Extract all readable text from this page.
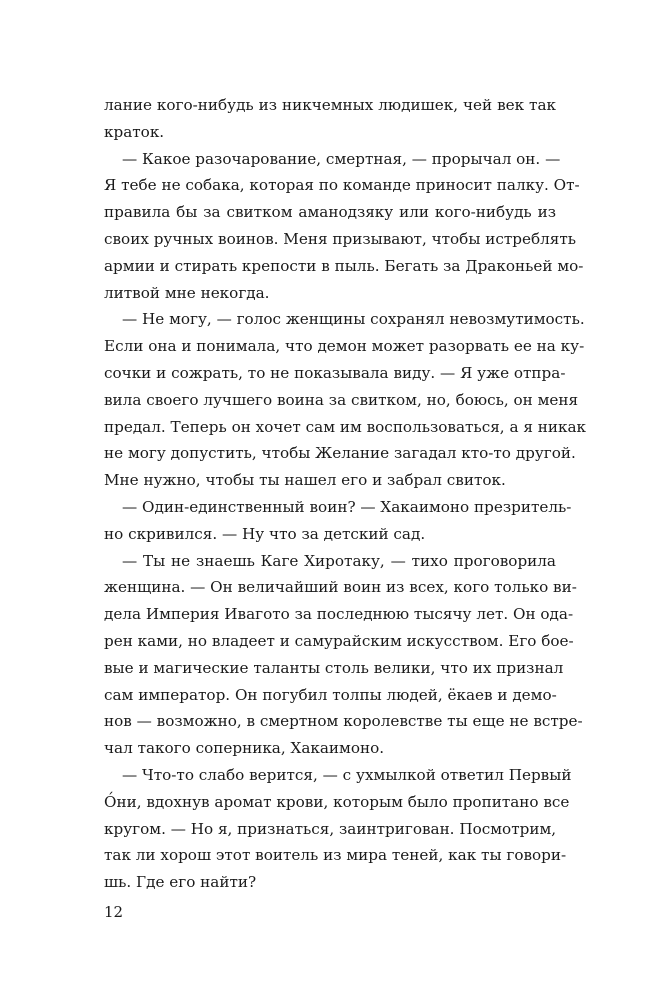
лание кого-нибудь из никчемных людишек, чей век так
краток.
— Какое разочарование, смертная, — прорычал он. —
Я тебе не собака, которая по команде приносит палку. От-
правила бы за свитком аманодзяку или кого-нибудь из
своих ручных воинов. Меня призывают, чтобы истреблять
армии и стирать крепости в пыль. Бегать за Драконьей мо-
литвой мне некогда.
— Не могу, — голос женщины сохранял невозмутимость.
Если она и понимала, что демон может разорвать ее на ку-
сочки и сожрать, то не показывала виду. — Я уже отпра-
вила своего лучшего воина за свитком, но, боюсь, он меня
предал. Теперь он хочет сам им воспользоваться, а я никак
не могу допустить, чтобы Желание загадал кто-то другой.
Мне нужно, чтобы ты нашел его и забрал свиток.
— Один-единственный воин? — Хакаимоно презритель-
но скривился. — Ну что за детский сад.
— Ты не знаешь Каге Хиротаку, — тихо проговорила
женщина. — Он величайший воин из всех, кого только ви-
дела Империя Ивагото за последнюю тысячу лет. Он ода-
рен ками, но владеет и самурайским искусством. Его бое-
вые и магические таланты столь велики, что их признал
сам император. Он погубил толпы людей, ёкаев и демо-
нов — возможно, в смертном королевстве ты еще не встре-
чал такого соперника, Хакаимоно.
— Что-то слабо верится, — с ухмылкой ответил Первый
О́ни, вдохнув аромат крови, которым было пропитано все
кругом. — Но я, признаться, заинтригован. Посмотрим,
так ли хорош этот воитель из мира теней, как ты говори-
шь. Где его найти?
12
